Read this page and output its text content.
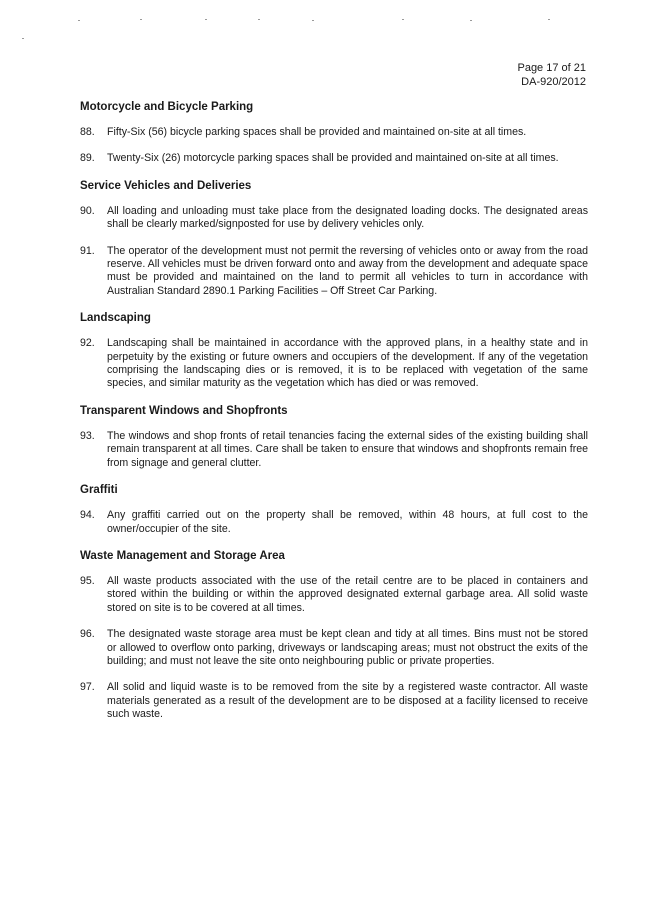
Page 17 of 21
DA-920/2012
Motorcycle and Bicycle Parking
88.	Fifty-Six (56) bicycle parking spaces shall be provided and maintained on-site at all times.
89.	Twenty-Six (26) motorcycle parking spaces shall be provided and maintained on-site at all times.
Service Vehicles and Deliveries
90.	All loading and unloading must take place from the designated loading docks. The designated areas shall be clearly marked/signposted for use by delivery vehicles only.
91.	The operator of the development must not permit the reversing of vehicles onto or away from the road reserve. All vehicles must be driven forward onto and away from the development and adequate space must be provided and maintained on the land to permit all vehicles to turn in accordance with Australian Standard 2890.1 Parking Facilities – Off Street Car Parking.
Landscaping
92.	Landscaping shall be maintained in accordance with the approved plans, in a healthy state and in perpetuity by the existing or future owners and occupiers of the development. If any of the vegetation comprising the landscaping dies or is removed, it is to be replaced with vegetation of the same species, and similar maturity as the vegetation which has died or was removed.
Transparent Windows and Shopfronts
93.	The windows and shop fronts of retail tenancies facing the external sides of the existing building shall remain transparent at all times. Care shall be taken to ensure that windows and shopfronts remain free from signage and general clutter.
Graffiti
94.	Any graffiti carried out on the property shall be removed, within 48 hours, at full cost to the owner/occupier of the site.
Waste Management and Storage Area
95.	All waste products associated with the use of the retail centre are to be placed in containers and stored within the building or within the approved designated external garbage area. All solid waste stored on site is to be covered at all times.
96.	The designated waste storage area must be kept clean and tidy at all times. Bins must not be stored or allowed to overflow onto parking, driveways or landscaping areas; must not obstruct the exits of the building; and must not leave the site onto neighbouring public or private properties.
97.	All solid and liquid waste is to be removed from the site by a registered waste contractor. All waste materials generated as a result of the development are to be disposed at a facility licensed to receive such waste.
